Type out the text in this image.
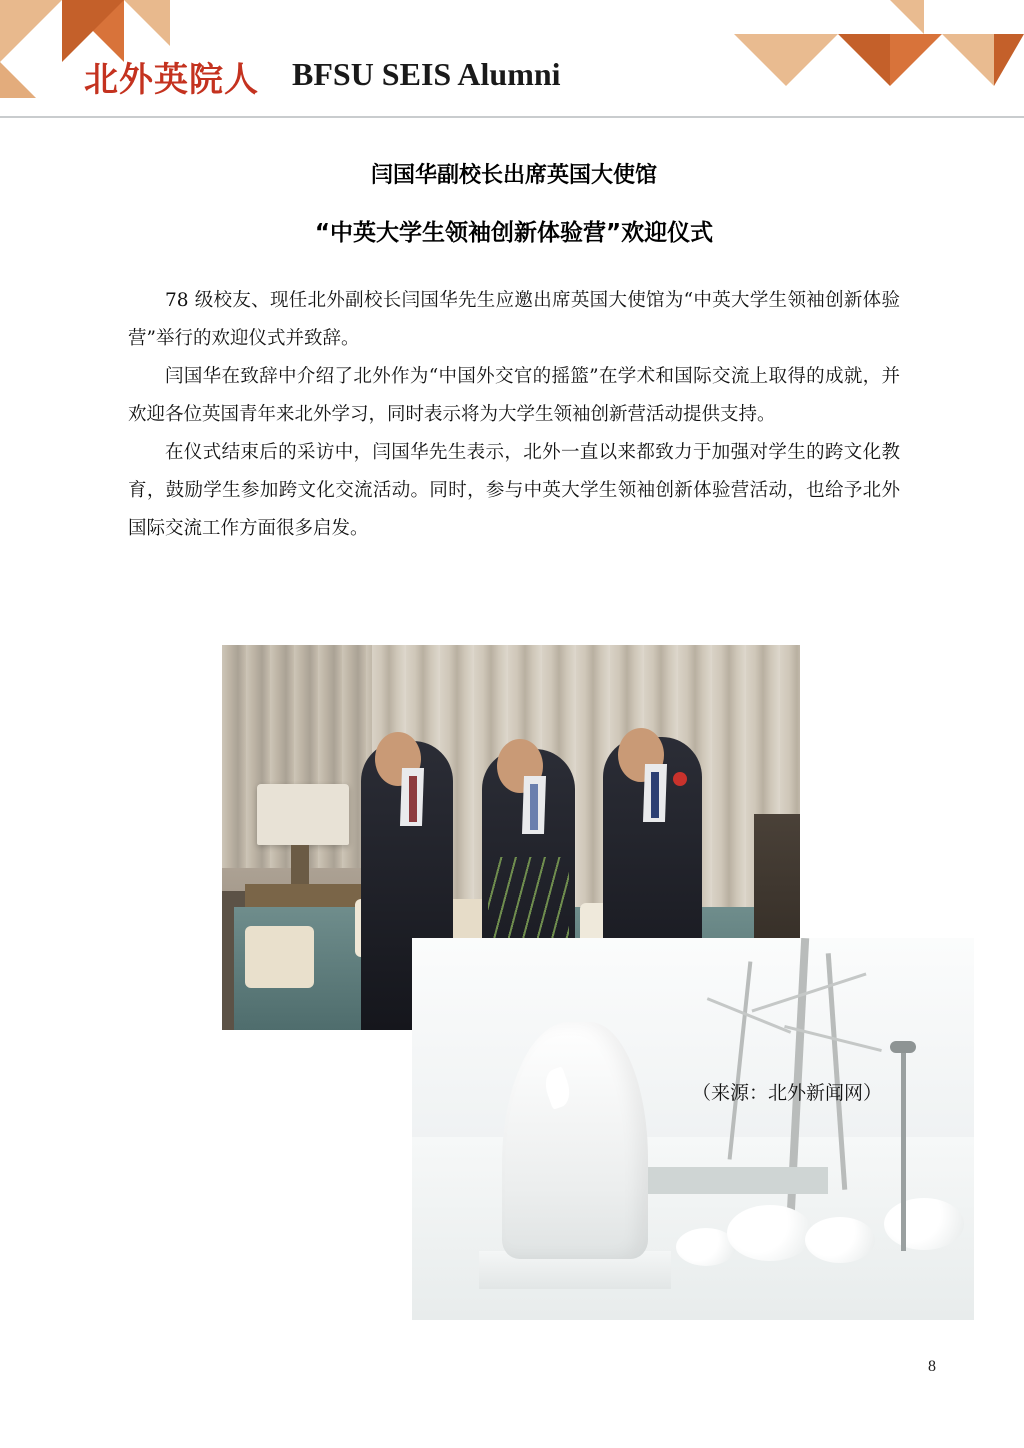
北外英院人 BFSU SEIS Alumni
闫国华副校长出席英国大使馆
“中英大学生领袖创新体验营”欢迎仪式

78 级校友、现任北外副校长闫国华先生应邀出席英国大使馆为“中英大学生领袖创新体验营”举行的欢迎仪式并致辞。

闫国华在致辞中介绍了北外作为“中国外交官的摇篮”在学术和国际交流上取得的成就，并欢迎各位英国青年来北外学习，同时表示将为大学生领袖创新营活动提供支持。

在仪式结束后的采访中，闫国华先生表示，北外一直以来都致力于加强对学生的跨文化教育，鼓励学生参加跨文化交流活动。同时，参与中英大学生领袖创新体验营活动，也给予北外国际交流工作方面很多启发。

（来源：北外新闻网）
8
